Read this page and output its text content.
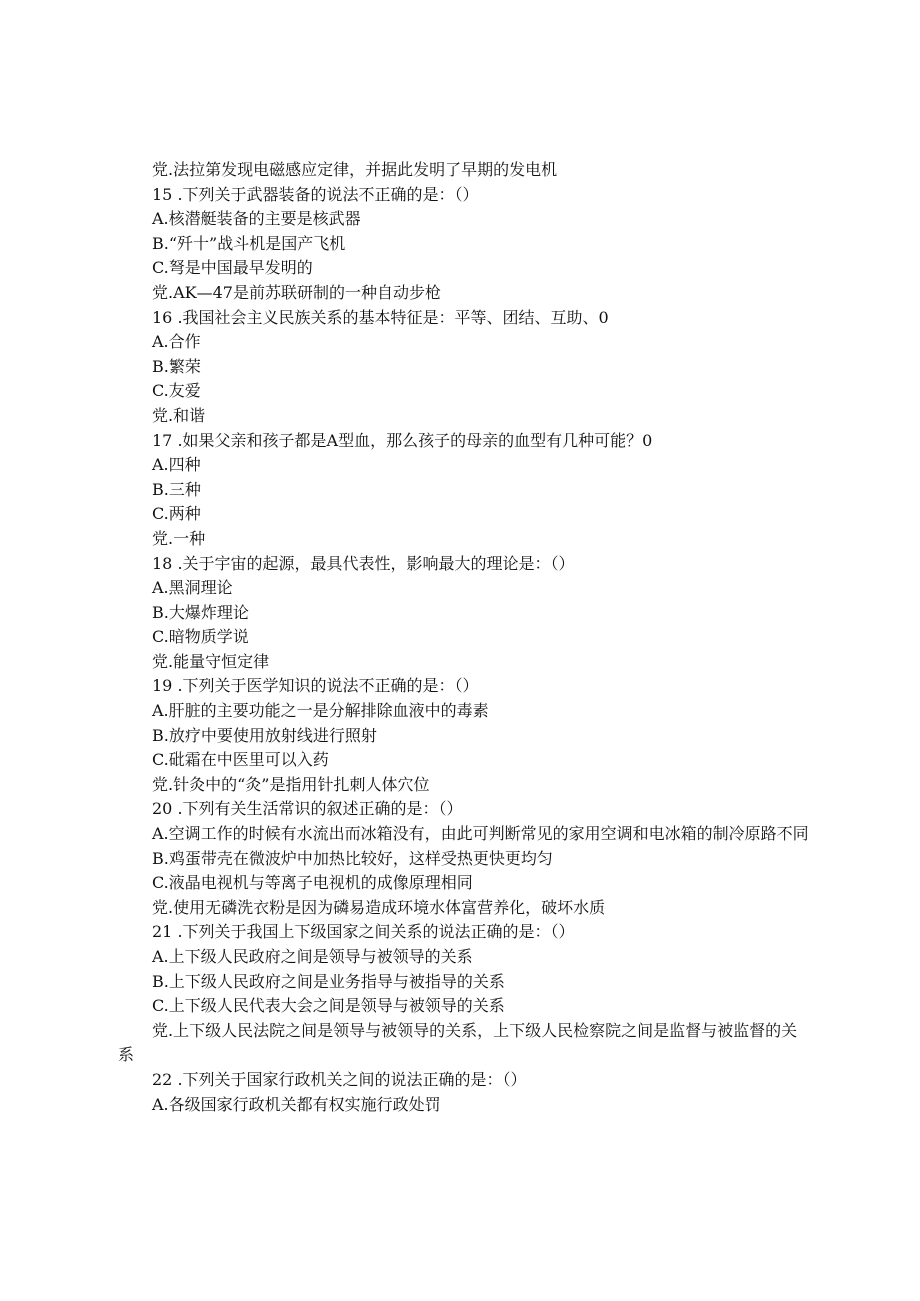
党.法拉第发现电磁感应定律，并据此发明了早期的发电机
15 .下列关于武器装备的说法不正确的是：（）
A.核潜艇装备的主要是核武器
B.“歼十”战斗机是国产飞机
C.弩是中国最早发明的
党.AK—47是前苏联研制的一种自动步枪
16 .我国社会主义民族关系的基本特征是：平等、团结、互助、0
A.合作
B.繁荣
C.友爱
党.和谐
17 .如果父亲和孩子都是A型血，那么孩子的母亲的血型有几种可能？0
A.四种
B.三种
C.两种
党.一种
18 .关于宇宙的起源，最具代表性，影响最大的理论是：（）
A.黑洞理论
B.大爆炸理论
C.暗物质学说
党.能量守恒定律
19 .下列关于医学知识的说法不正确的是：（）
A.肝脏的主要功能之一是分解排除血液中的毒素
B.放疗中要使用放射线进行照射
C.砒霜在中医里可以入药
党.针灸中的“灸”是指用针扎刺人体穴位
20 .下列有关生活常识的叙述正确的是：（）
A.空调工作的时候有水流出而冰箱没有，由此可判断常见的家用空调和电冰箱的制冷原路不同
B.鸡蛋带壳在微波炉中加热比较好，这样受热更快更均匀
C.液晶电视机与等离子电视机的成像原理相同
党.使用无磷洗衣粉是因为磷易造成环境水体富营养化，破坏水质
21 .下列关于我国上下级国家之间关系的说法正确的是：（）
A.上下级人民政府之间是领导与被领导的关系
B.上下级人民政府之间是业务指导与被指导的关系
C.上下级人民代表大会之间是领导与被领导的关系
党.上下级人民法院之间是领导与被领导的关系，上下级人民检察院之间是监督与被监督的关系
22 .下列关于国家行政机关之间的说法正确的是：（）
A.各级国家行政机关都有权实施行政处罚
